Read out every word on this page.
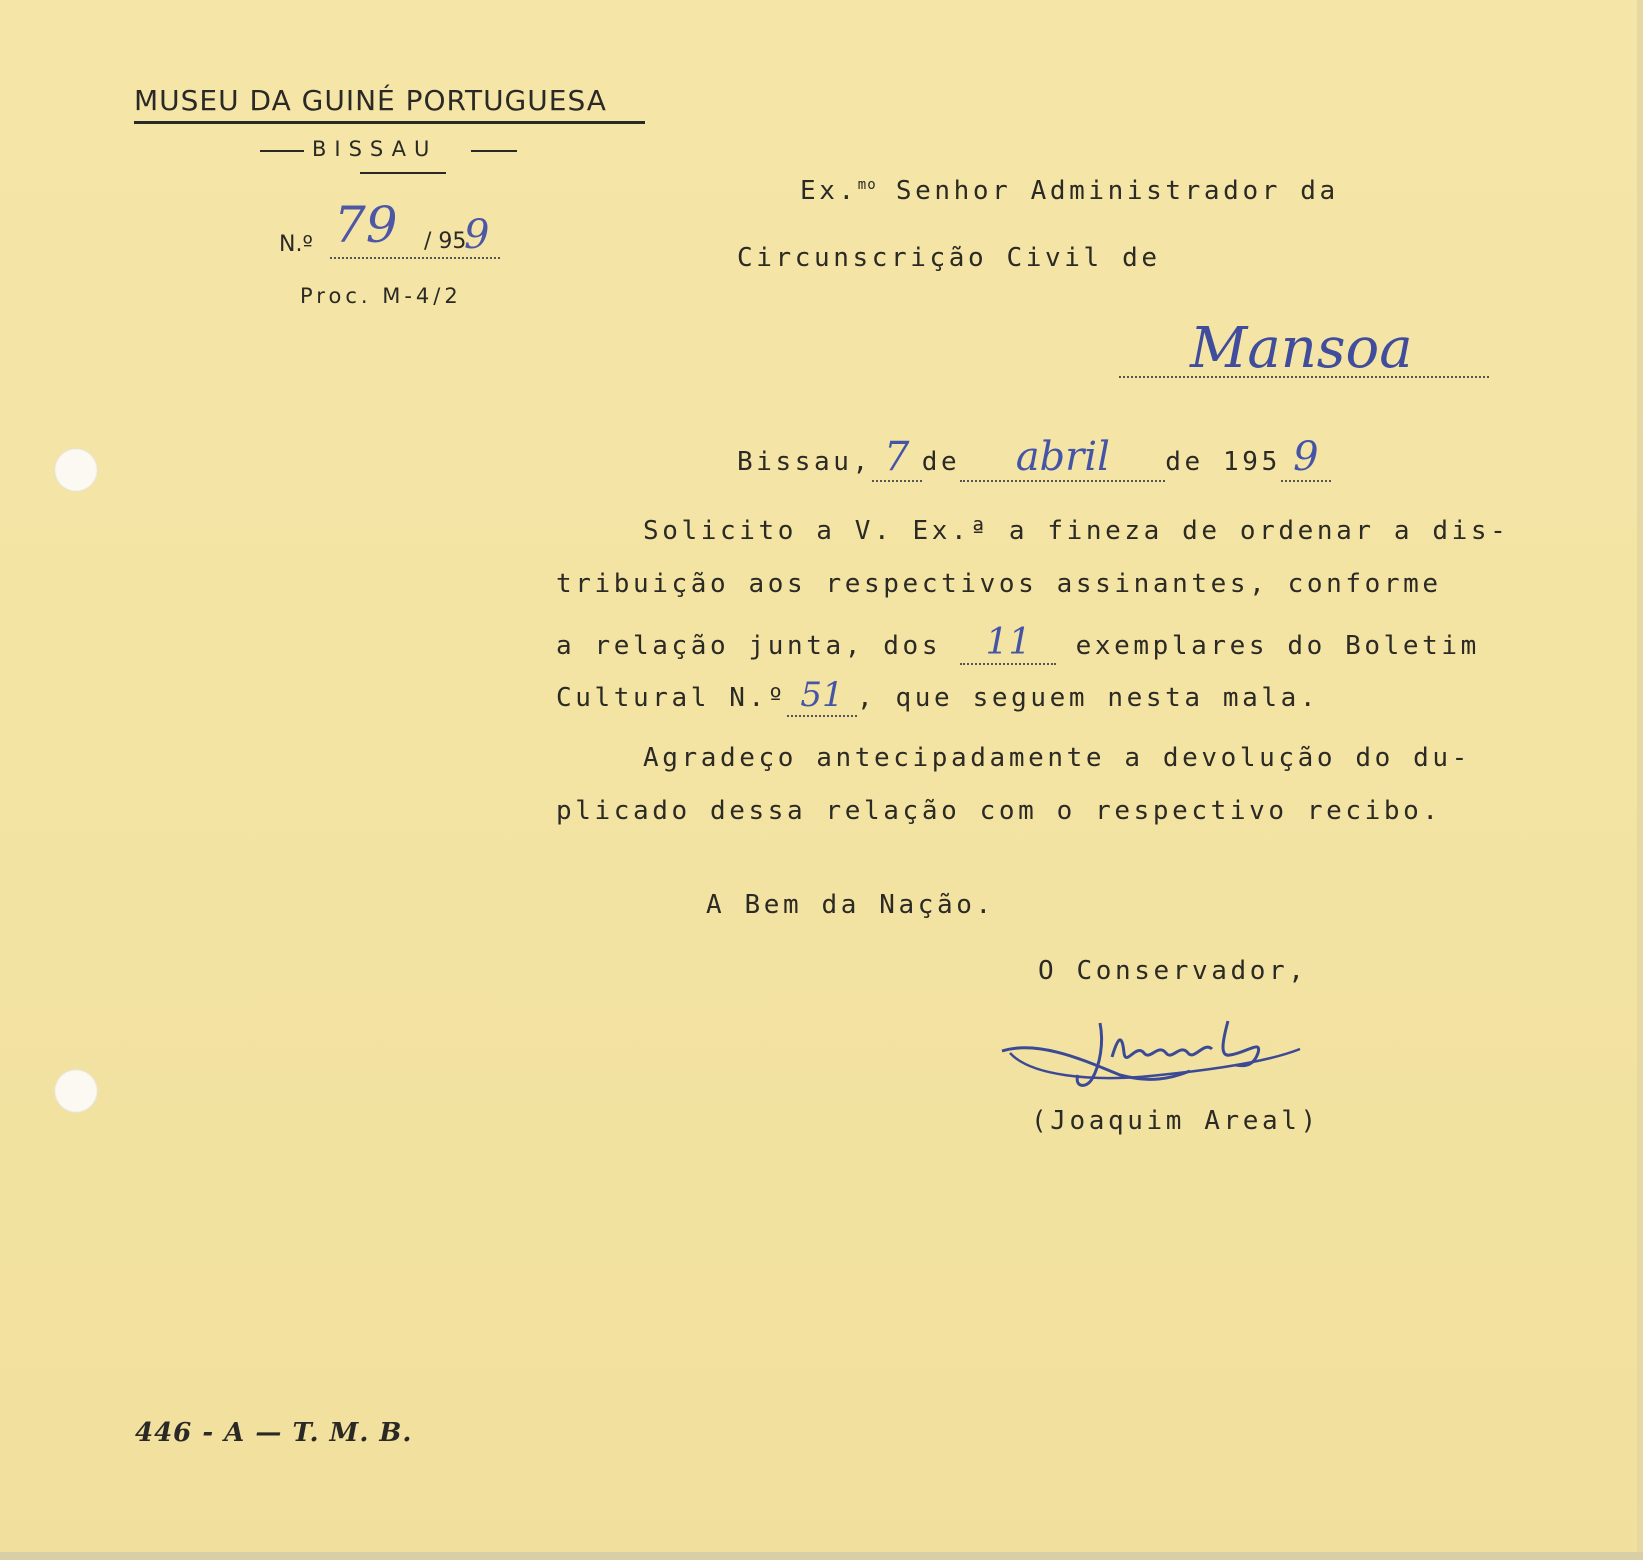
MUSEU DA GUINÉ PORTUGUESA
BISSAU
N.º 79 / 95
9
Proc. M-4/2
Ex.$^{mo}$ Senhor Administrador da
Circunscrição Civil de
Mansoa
Bissau, 7 de abril de 195 9
Solicito a V. Ex.ª a fineza de ordenar a dis-
tribuição aos respectivos assinantes, conforme
a relação junta, dos 11 exemplares do Boletim
Cultural N.º 51 , que seguem nesta mala.
Agradeço antecipadamente a devolução do du-
plicado dessa relação com o respectivo recibo.
A Bem da Nação.
O Conservador,
(Joaquim Areal)
446 - A — T. M. B.
